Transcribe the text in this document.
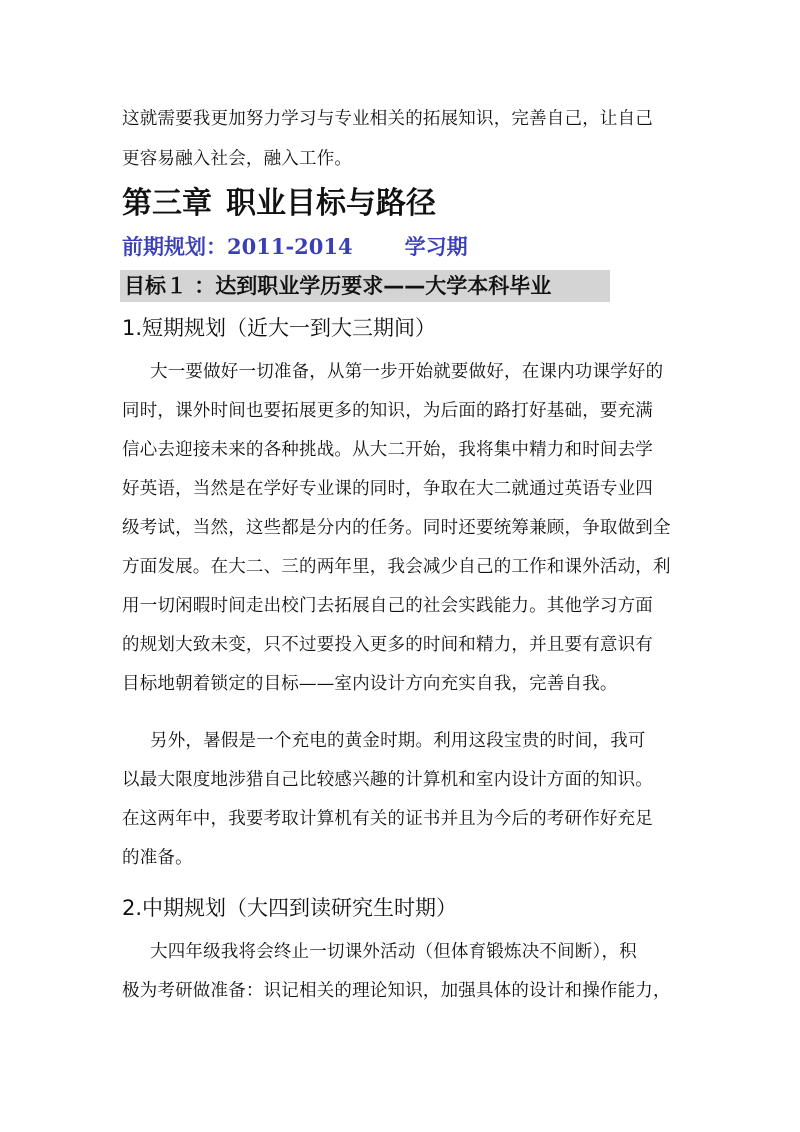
这就需要我更加努力学习与专业相关的拓展知识，完善自己，让自己
更容易融入社会，融入工作。
第三章 职业目标与路径
前期规划：2011-2014 学习期
目标１ ：达到职业学历要求——大学本科毕业
1.短期规划（近大一到大三期间）
大一要做好一切准备，从第一步开始就要做好，在课内功课学好的
同时，课外时间也要拓展更多的知识，为后面的路打好基础，要充满
信心去迎接未来的各种挑战。从大二开始，我将集中精力和时间去学
好英语，当然是在学好专业课的同时，争取在大二就通过英语专业四
级考试，当然，这些都是分内的任务。同时还要统筹兼顾，争取做到全
方面发展。在大二、三的两年里，我会减少自己的工作和课外活动，利
用一切闲暇时间走出校门去拓展自己的社会实践能力。其他学习方面
的规划大致未变，只不过要投入更多的时间和精力，并且要有意识有
目标地朝着锁定的目标——室内设计方向充实自我，完善自我。
另外，暑假是一个充电的黄金时期。利用这段宝贵的时间，我可
以最大限度地涉猎自己比较感兴趣的计算机和室内设计方面的知识。
在这两年中，我要考取计算机有关的证书并且为今后的考研作好充足
的准备。
2.中期规划（大四到读研究生时期）
大四年级我将会终止一切课外活动（但体育锻炼决不间断），积
极为考研做准备：识记相关的理论知识，加强具体的设计和操作能力，
